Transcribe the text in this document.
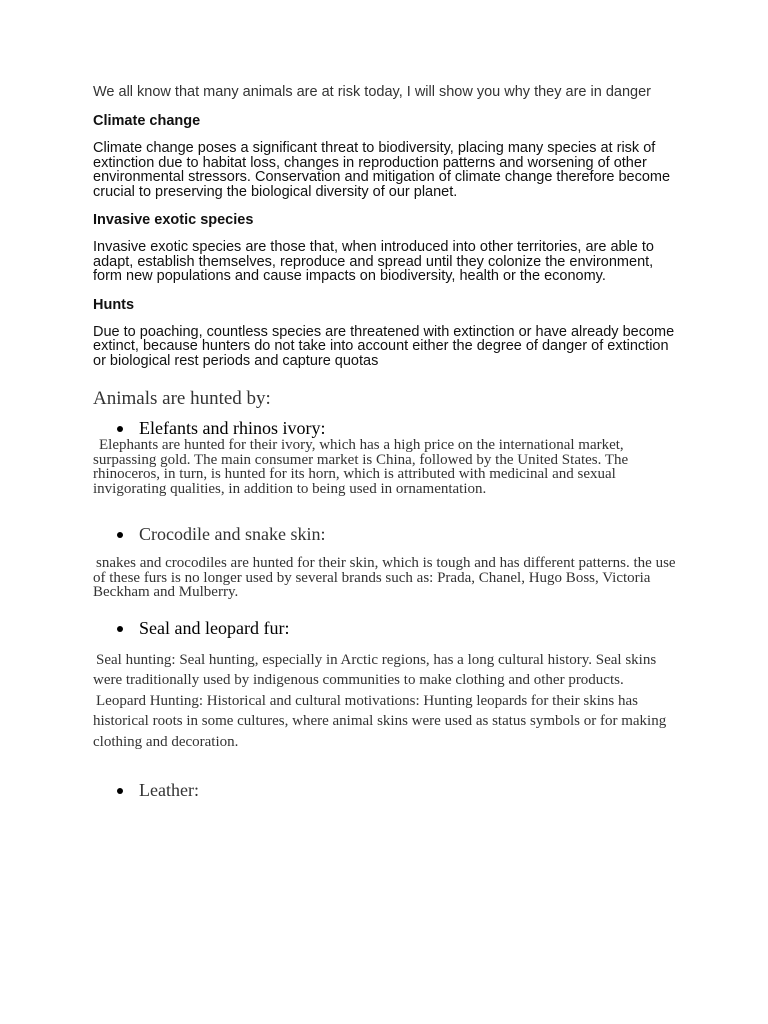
We all know that many animals are at risk today, I will show you why they are in danger

Climate change

Climate change poses a significant threat to biodiversity, placing many species at risk of extinction due to habitat loss, changes in reproduction patterns and worsening of other environmental stressors. Conservation and mitigation of climate change therefore become crucial to preserving the biological diversity of our planet.

Invasive exotic species

Invasive exotic species are those that, when introduced into other territories, are able to adapt, establish themselves, reproduce and spread until they colonize the environment, form new populations and cause impacts on biodiversity, health or the economy.

Hunts

Due to poaching, countless species are threatened with extinction or have already become extinct, because hunters do not take into account either the degree of danger of extinction or biological rest periods and capture quotas

Animals are hunted by:

Elefants and rhinos ivory:

Elephants are hunted for their ivory, which has a high price on the international market, surpassing gold. The main consumer market is China, followed by the United States. The rhinoceros, in turn, is hunted for its horn, which is attributed with medicinal and sexual invigorating qualities, in addition to being used in ornamentation.

Crocodile and snake skin:

snakes and crocodiles are hunted for their skin, which is tough and has different patterns. the use of these furs is no longer used by several brands such as: Prada, Chanel, Hugo Boss, Victoria Beckham and Mulberry.

Seal and leopard fur:

Seal hunting: Seal hunting, especially in Arctic regions, has a long cultural history. Seal skins were traditionally used by indigenous communities to make clothing and other products.

Leopard Hunting: Historical and cultural motivations: Hunting leopards for their skins has historical roots in some cultures, where animal skins were used as status symbols or for making clothing and decoration.

Leather:
